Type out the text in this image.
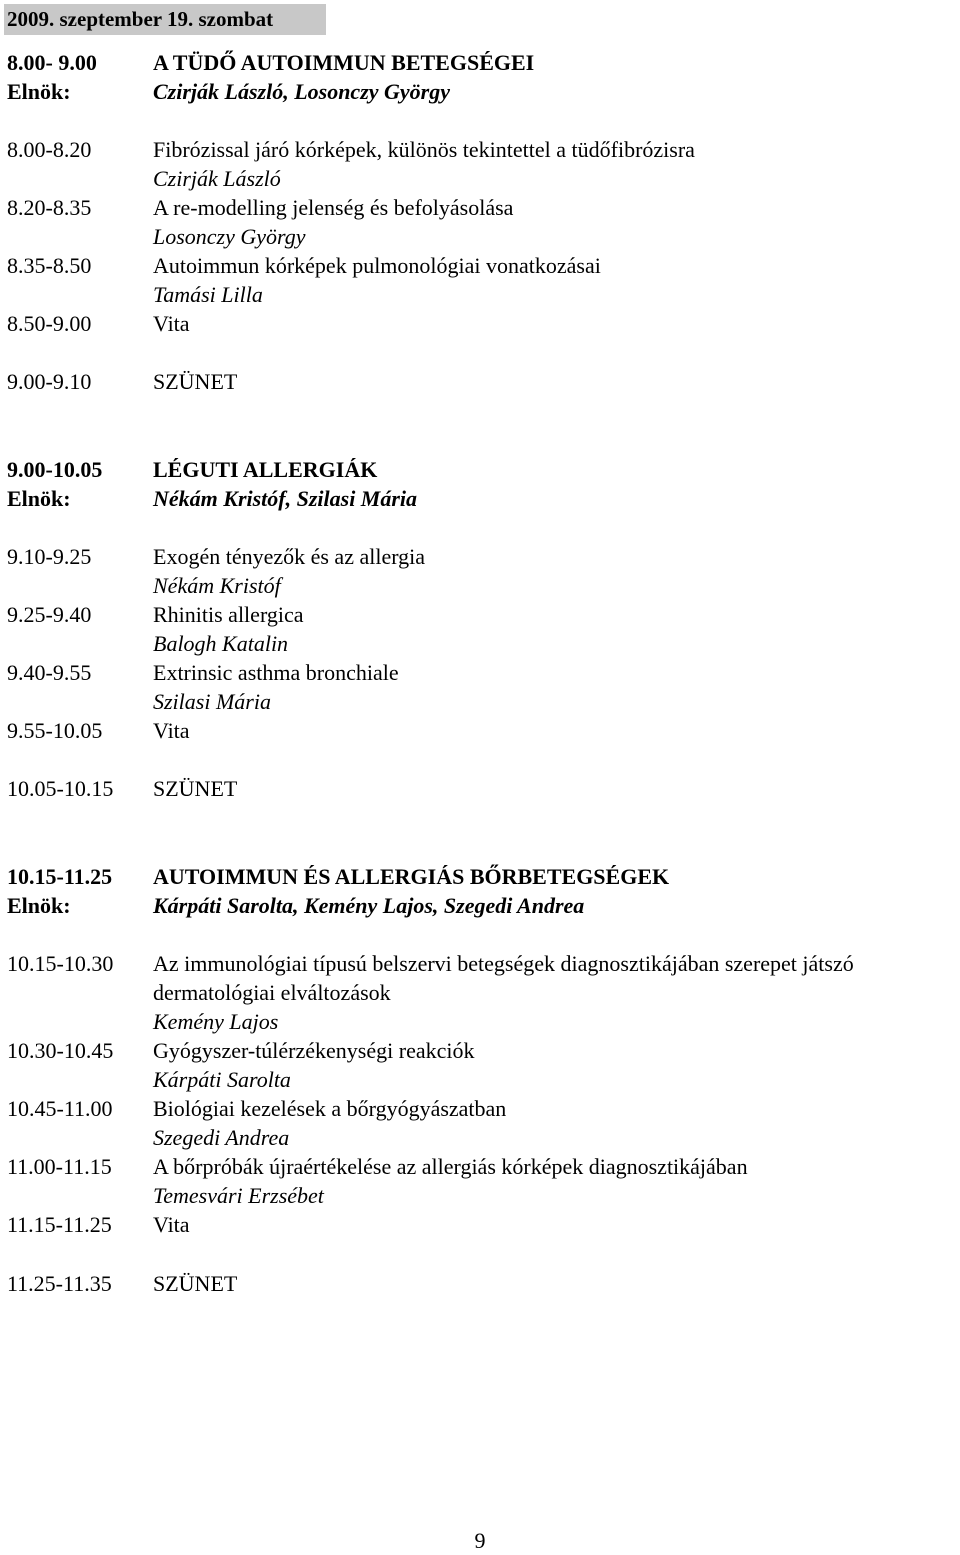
2009. szeptember 19. szombat
8.00- 9.00	A TÜDŐ AUTOIMMUN BETEGSÉGEI
Elnök:	Czirják László, Losonczy György
8.00-8.20	Fibrózissal járó kórképek, különös tekintettel a tüdőfibrózisra
Czirják László
8.20-8.35	A re-modelling jelenség és befolyásolása
Losonczy György
8.35-8.50	Autoimmun kórképek pulmonológiai vonatkozásai
Tamási Lilla
8.50-9.00	Vita
9.00-9.10	SZÜNET
9.00-10.05 LÉGUTI ALLERGIÁK
Elnök:	Nékám Kristóf, Szilasi Mária
9.10-9.25	Exogén tényezők és az allergia
Nékám Kristóf
9.25-9.40	Rhinitis allergica
Balogh Katalin
9.40-9.55	Extrinsic asthma bronchiale
Szilasi Mária
9.55-10.05 Vita
10.05-10.15 SZÜNET
10.15-11.25 AUTOIMMUN ÉS ALLERGIÁS BŐRBETEGSÉGEK
Elnök:	Kárpáti Sarolta, Kemény Lajos, Szegedi Andrea
10.15-10.30 Az immunológiai típusú belszervi betegségek diagnosztikájában szerepet játszó
dermatológiai elváltozások
Kemény Lajos
10.30-10.45 Gyógyszer-túlérzékenységi reakciók
Kárpáti Sarolta
10.45-11.00 Biológiai kezelések a bőrgyógyászatban
Szegedi Andrea
11.00-11.15 A bőrpróbák újraértékelése az allergiás kórképek diagnosztikájában
Temesvári Erzsébet
11.15-11.25 Vita
11.25-11.35 SZÜNET
9
